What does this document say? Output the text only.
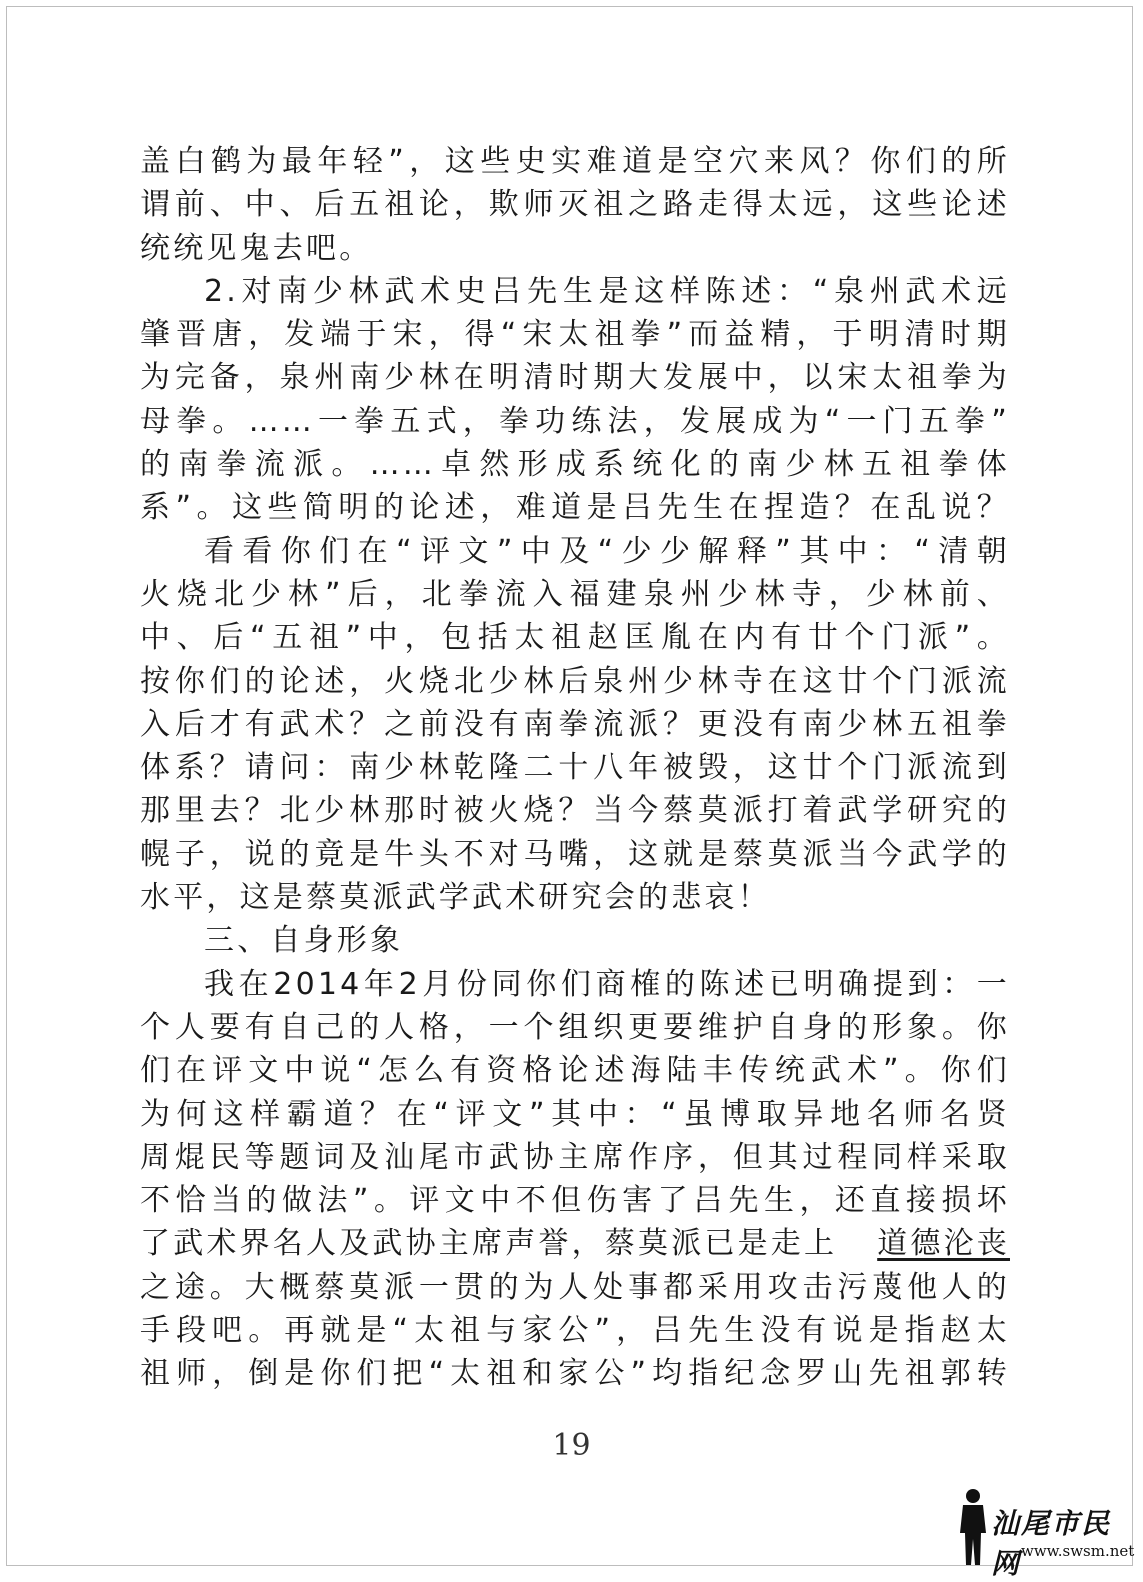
盖白鹤为最年轻”，这些史实难道是空穴来风？你们的所
谓前、中、后五祖论，欺师灭祖之路走得太远，这些论述
统统见鬼去吧。
2.对南少林武术史吕先生是这样陈述：“泉州武术远
肇晋唐，发端于宋，得“宋太祖拳”而益精，于明清时期
为完备，泉州南少林在明清时期大发展中，以宋太祖拳为
母拳。……一拳五式，拳功练法，发展成为“一门五拳”
的南拳流派。……卓然形成系统化的南少林五祖拳体
系”。这些简明的论述，难道是吕先生在捏造？在乱说？
看看你们在“评文”中及“少少解释”其中：“清朝
火烧北少林”后，北拳流入福建泉州少林寺，少林前、
中、后“五祖”中，包括太祖赵匡胤在内有廿个门派”。
按你们的论述，火烧北少林后泉州少林寺在这廿个门派流
入后才有武术？之前没有南拳流派？更没有南少林五祖拳
体系？请问：南少林乾隆二十八年被毁，这廿个门派流到
那里去？北少林那时被火烧？当今蔡莫派打着武学研究的
幌子，说的竟是牛头不对马嘴，这就是蔡莫派当今武学的
水平，这是蔡莫派武学武术研究会的悲哀！
三、自身形象
我在2014年2月份同你们商榷的陈述已明确提到：一
个人要有自己的人格，一个组织更要维护自身的形象。你
们在评文中说“怎么有资格论述海陆丰传统武术”。你们
为何这样霸道？在“评文”其中：“虽博取异地名师名贤
周焜民等题词及汕尾市武协主席作序，但其过程同样采取
不恰当的做法”。评文中不但伤害了吕先生，还直接损坏
了武术界名人及武协主席声誉，蔡莫派已是走上 道德沦丧
之途。大概蔡莫派一贯的为人处事都采用攻击污蔑他人的
手段吧。再就是“太祖与家公”，吕先生没有说是指赵太
祖师，倒是你们把“太祖和家公”均指纪念罗山先祖郭转
19
汕尾市民网 www.swsm.net
